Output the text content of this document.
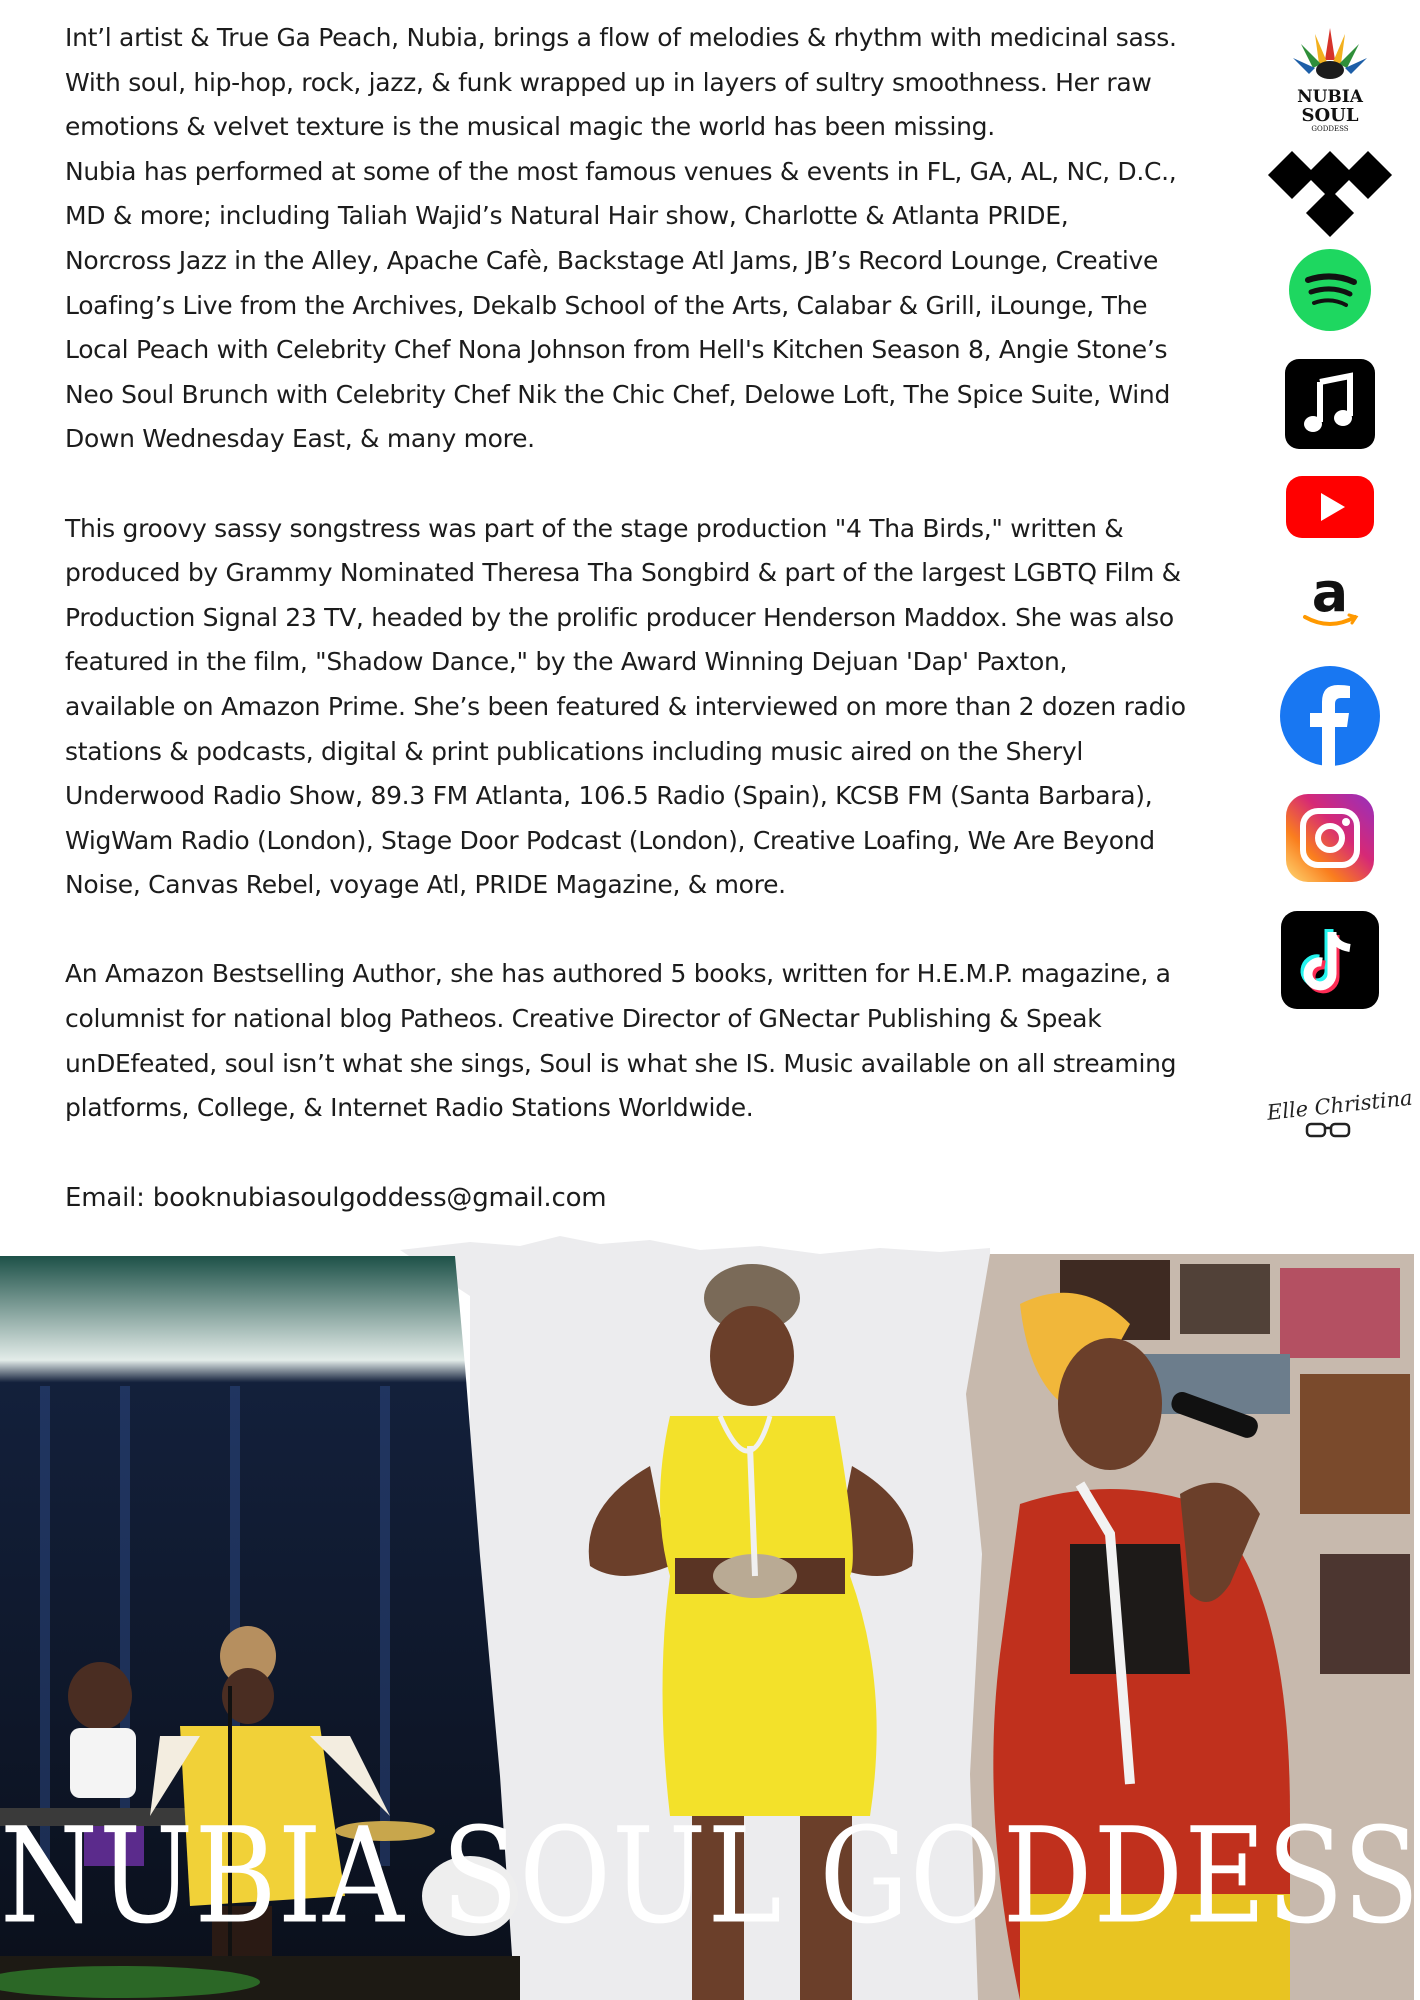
Int’l artist & True Ga Peach, Nubia, brings a flow of melodies & rhythm with medicinal sass.
With soul, hip-hop, rock, jazz, & funk wrapped up in layers of sultry smoothness. Her raw
emotions & velvet texture is the musical magic the world has been missing.

Nubia has performed at some of the most famous venues & events in FL, GA, AL, NC, D.C.,
MD & more; including Taliah Wajid’s Natural Hair show, Charlotte & Atlanta PRIDE,
Norcross Jazz in the Alley, Apache Cafè, Backstage Atl Jams, JB’s Record Lounge, Creative
Loafing’s Live from the Archives, Dekalb School of the Arts, Calabar & Grill, iLounge, The
Local Peach with Celebrity Chef Nona Johnson from Hell's Kitchen Season 8, Angie Stone’s
Neo Soul Brunch with Celebrity Chef Nik the Chic Chef, Delowe Loft, The Spice Suite, Wind
Down Wednesday East, & many more.

This groovy sassy songstress was part of the stage production "4 Tha Birds," written &
produced by Grammy Nominated Theresa Tha Songbird & part of the largest LGBTQ Film &
Production Signal 23 TV, headed by the prolific producer Henderson Maddox. She was also
featured in the film, "Shadow Dance," by the Award Winning Dejuan 'Dap' Paxton,
available on Amazon Prime. She’s been featured & interviewed on more than 2 dozen radio
stations & podcasts, digital & print publications including music aired on the Sheryl
Underwood Radio Show, 89.3 FM Atlanta, 106.5 Radio (Spain), KCSB FM (Santa Barbara),
WigWam Radio (London), Stage Door Podcast (London), Creative Loafing, We Are Beyond
Noise, Canvas Rebel, voyage Atl, PRIDE Magazine, & more.

An Amazon Bestselling Author, she has authored 5 books, written for H.E.M.P. magazine, a
columnist for national blog Patheos. Creative Director of GNectar Publishing & Speak
unDEfeated, soul isn’t what she sings, Soul is what she IS. Music available on all streaming
platforms, College, & Internet Radio Stations Worldwide.

Email: booknubiasoulgoddess@gmail.com
NUBIA
SOUL
GODDESS
a
Elle Christina
NUBIA SOUL GODDESS
